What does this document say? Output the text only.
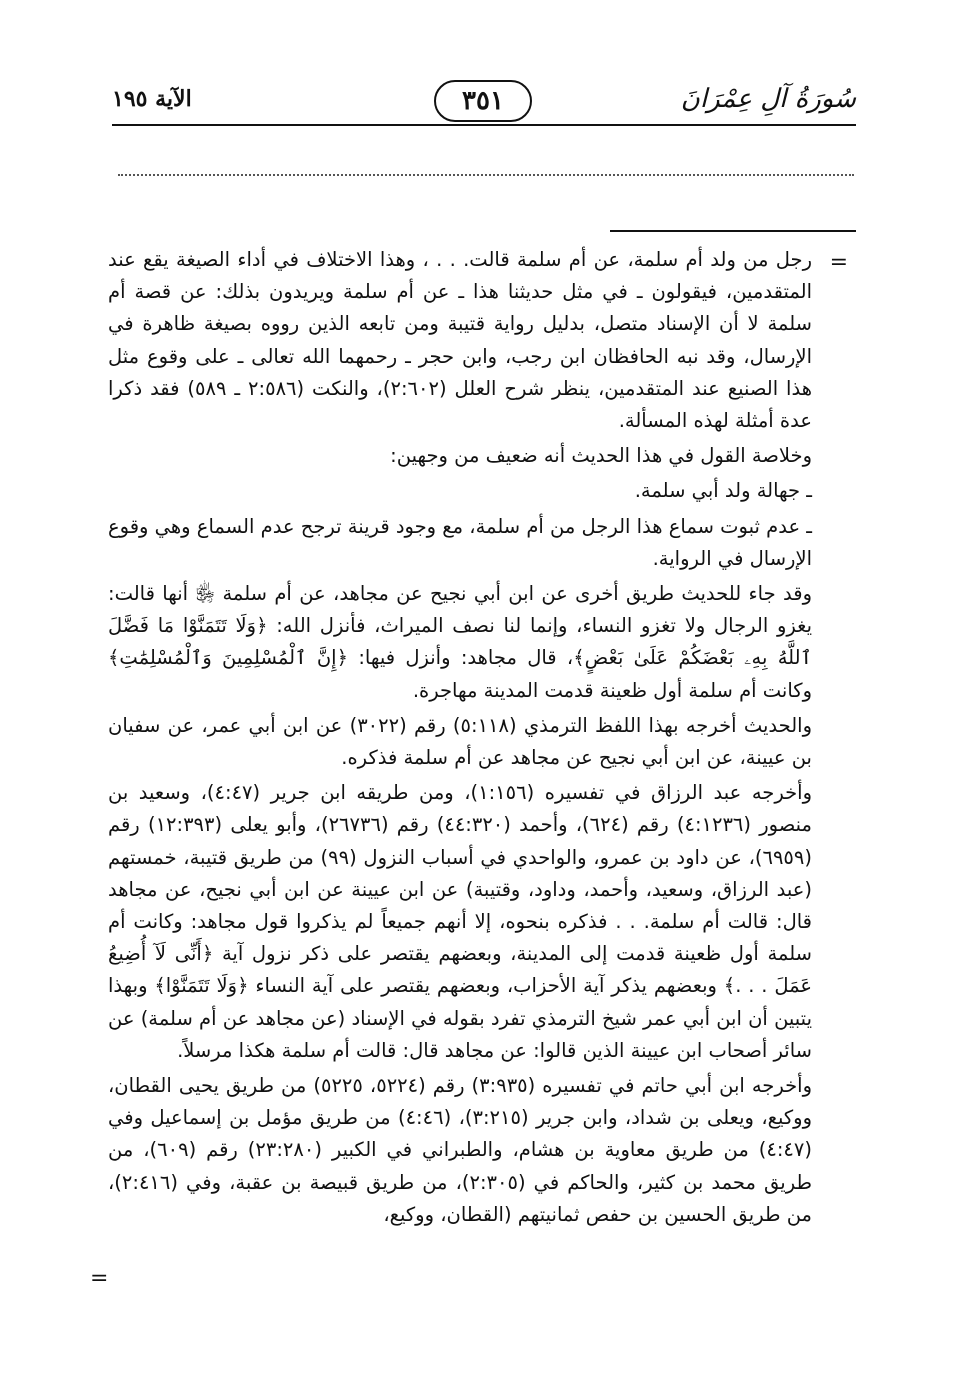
سُورَةُ آلِ عِمْرَانَ
٣٥١
الآية ١٩٥
=

رجل من ولد أم سلمة، عن أم سلمة قالت. . . ، وهذا الاختلاف في أداء الصيغة يقع عند المتقدمين، فيقولون ـ في مثل حديثنا هذا ـ عن أم سلمة ويريدون بذلك: عن قصة أم سلمة لا أن الإسناد متصل، بدليل رواية قتيبة ومن تابعه الذين رووه بصيغة ظاهرة في الإرسال، وقد نبه الحافظان ابن رجب، وابن حجر ـ رحمهما الله تعالى ـ على وقوع مثل هذا الصنيع عند المتقدمين، ينظر شرح العلل (٢:٦٠٢)، والنكت (٢:٥٨٦ ـ ٥٨٩) فقد ذكرا عدة أمثلة لهذه المسألة.

وخلاصة القول في هذا الحديث أنه ضعيف من وجهين:

ـ جهالة ولد أبي سلمة.

ـ عدم ثبوت سماع هذا الرجل من أم سلمة، مع وجود قرينة ترجح عدم السماع وهي وقوع الإرسال في الرواية.

وقد جاء للحديث طريق أخرى عن ابن أبي نجيح عن مجاهد، عن أم سلمة ﵂ أنها قالت: يغزو الرجال ولا تغزو النساء، وإنما لنا نصف الميراث، فأنزل الله: ﴿وَلَا تَتَمَنَّوْا مَا فَضَّلَ ٱللَّهُ بِهِۦ بَعْضَكُمْ عَلَىٰ بَعْضٍ﴾، قال مجاهد: وأنزل فيها: ﴿إِنَّ ٱلْمُسْلِمِينَ وَٱلْمُسْلِمَٰتِ﴾ وكانت أم سلمة أول ظعينة قدمت المدينة مهاجرة.

والحديث أخرجه بهذا اللفظ الترمذي (٥:١١٨) رقم (٣٠٢٢) عن ابن أبي عمر، عن سفيان بن عيينة، عن ابن أبي نجيح عن مجاهد عن أم سلمة فذكره.

وأخرجه عبد الرزاق في تفسيره (١:١٥٦)، ومن طريقه ابن جرير (٤:٤٧)، وسعيد بن منصور (٤:١٢٣٦) رقم (٦٢٤)، وأحمد (٤٤:٣٢٠) رقم (٢٦٧٣٦)، وأبو يعلى (١٢:٣٩٣) رقم (٦٩٥٩)، عن داود بن عمرو، والواحدي في أسباب النزول (٩٩) من طريق قتيبة، خمستهم (عبد الرزاق، وسعيد، وأحمد، وداود، وقتيبة) عن ابن عيينة عن ابن أبي نجيح، عن مجاهد قال: قالت أم سلمة. . . فذكره بنحوه، إلا أنهم جميعاً لم يذكروا قول مجاهد: وكانت أم سلمة أول ظعينة قدمت إلى المدينة، وبعضهم يقتصر على ذكر نزول آية ﴿أَنِّى لَآ أُضِيعُ عَمَلَ . . .﴾ وبعضهم يذكر آية الأحزاب، وبعضهم يقتصر على آية النساء ﴿وَلَا تَتَمَنَّوْا﴾ وبهذا يتبين أن ابن أبي عمر شيخ الترمذي تفرد بقوله في الإسناد (عن مجاهد عن أم سلمة) عن سائر أصحاب ابن عيينة الذين قالوا: عن مجاهد قال: قالت أم سلمة هكذا مرسلاً.

وأخرجه ابن أبي حاتم في تفسيره (٣:٩٣٥) رقم (٥٢٢٤، ٥٢٢٥) من طريق يحيى القطان، ووكيع، ويعلى بن شداد، وابن جرير (٣:٢١٥)، (٤:٤٦) من طريق مؤمل بن إسماعيل وفي (٤:٤٧) من طريق معاوية بن هشام، والطبراني في الكبير (٢٣:٢٨٠) رقم (٦٠٩)، من طريق محمد بن كثير، والحاكم في (٢:٣٠٥)، من طريق قبيصة بن عقبة، وفي (٢:٤١٦)، من طريق الحسين بن حفص ثمانيتهم (القطان، ووكيع،

=
